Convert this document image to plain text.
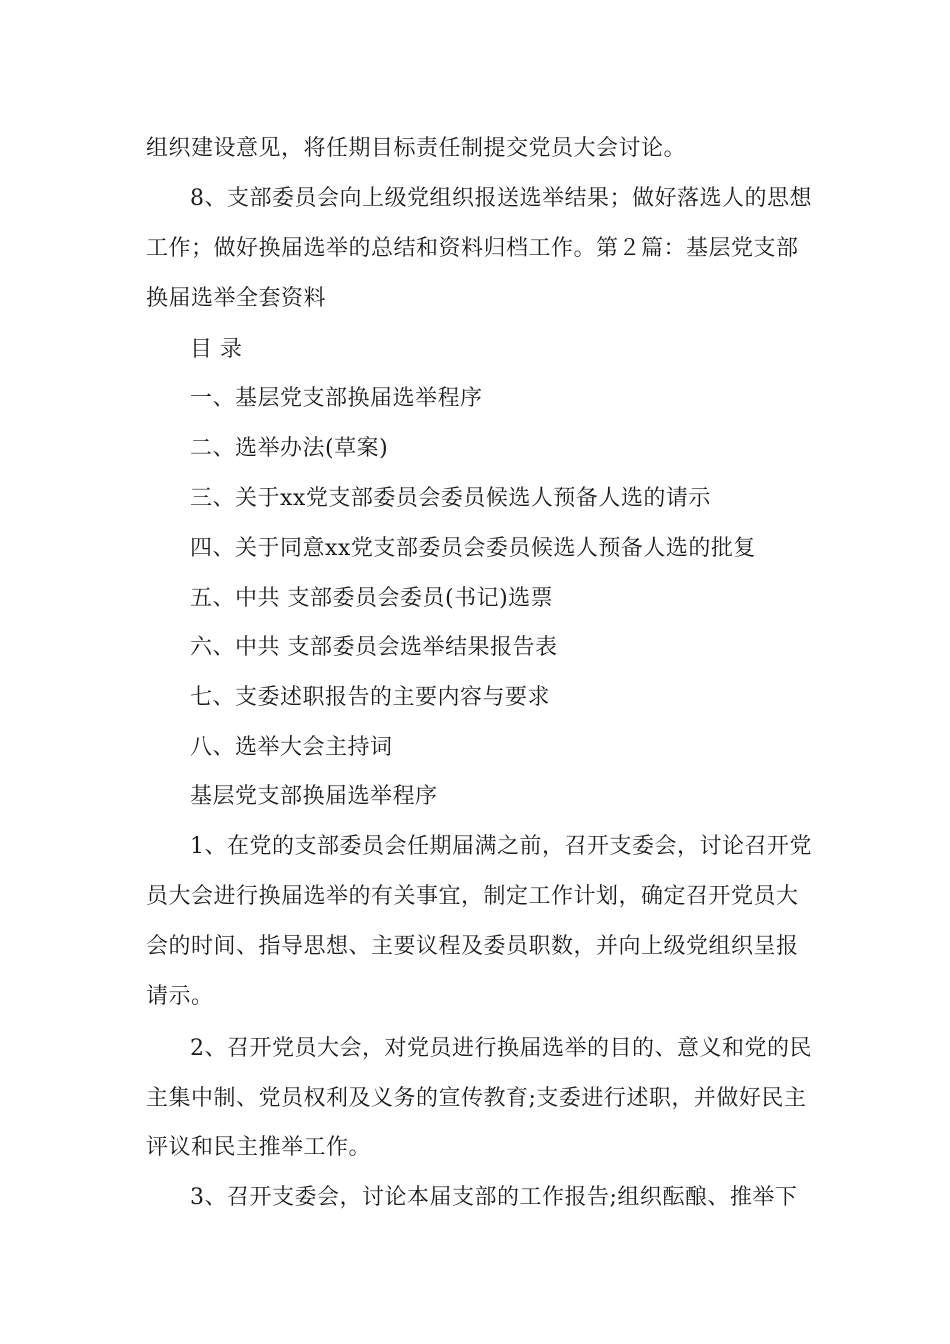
组织建设意见，将任期目标责任制提交党员大会讨论。
8、支部委员会向上级党组织报送选举结果；做好落选人的思想
工作；做好换届选举的总结和资料归档工作。第２篇：基层党支部
换届选举全套资料
目 录
一、基层党支部换届选举程序
二、选举办法(草案)
三、关于xx党支部委员会委员候选人预备人选的请示
四、关于同意xx党支部委员会委员候选人预备人选的批复
五、中共 支部委员会委员(书记)选票
六、中共 支部委员会选举结果报告表
七、支委述职报告的主要内容与要求
八、选举大会主持词
基层党支部换届选举程序
1、在党的支部委员会任期届满之前，召开支委会，讨论召开党
员大会进行换届选举的有关事宜，制定工作计划，确定召开党员大
会的时间、指导思想、主要议程及委员职数，并向上级党组织呈报
请示。
2、召开党员大会，对党员进行换届选举的目的、意义和党的民
主集中制、党员权利及义务的宣传教育;支委进行述职，并做好民主
评议和民主推举工作。
3、召开支委会，讨论本届支部的工作报告;组织酝酿、推举下
